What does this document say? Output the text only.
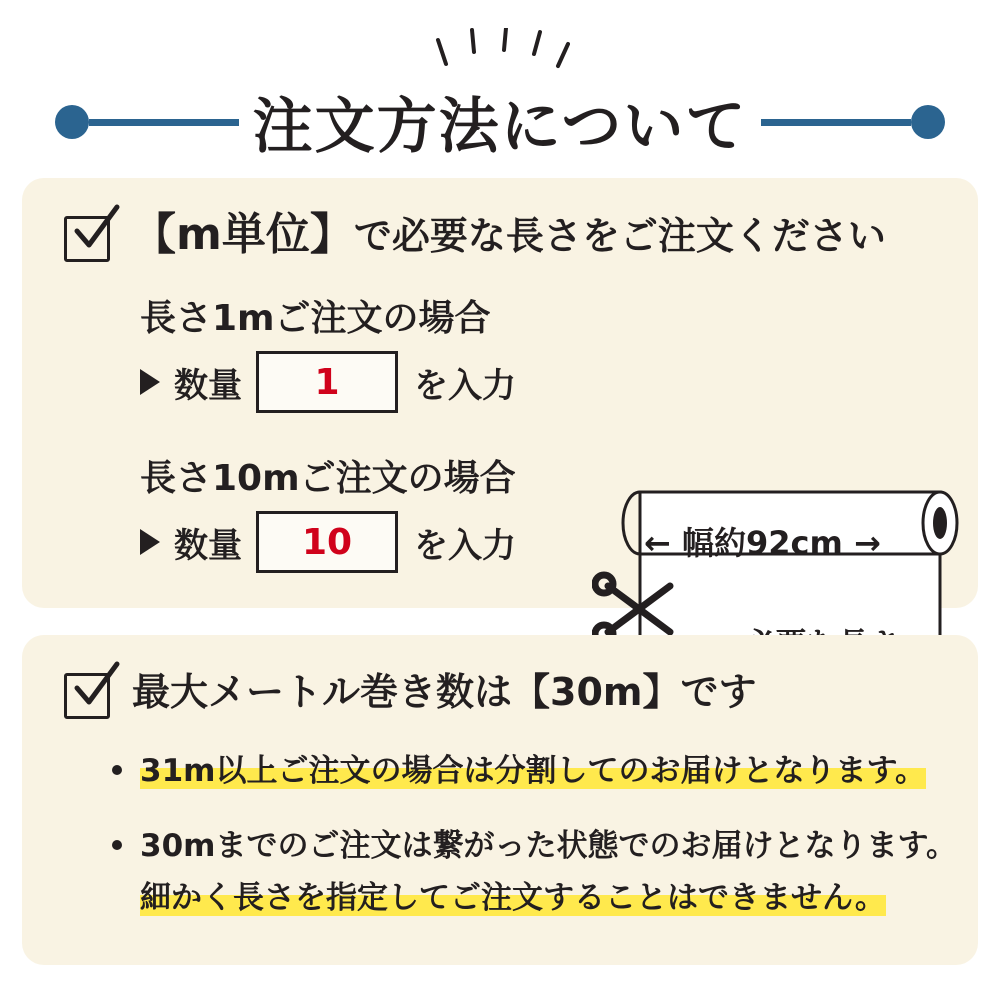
注文方法について
【m単位】で必要な長さをご注文ください
長さ1mご注文の場合
数量	1	を入力
長さ10mご注文の場合
数量	10	を入力	← 幅約92cm →
最大メートル巻き数は【30m】です
31m以上ご注文の場合は分割してのお届けとなります。
30mまでのご注文は繋がった状態でのお届けとなります。
細かく長さを指定してご注文することはできません。
